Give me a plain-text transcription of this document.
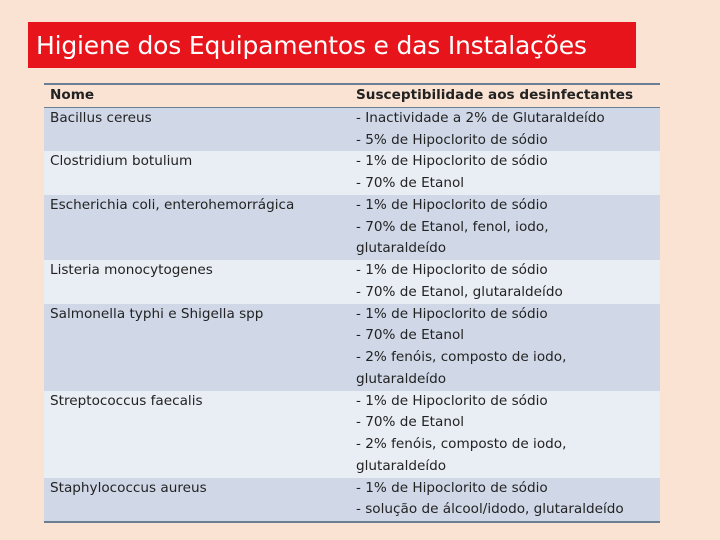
Higiene dos Equipamentos e das Instalações
Nome	Susceptibilidade aos desinfectantes
Bacillus cereus	- Inactividade a 2% de Glutaraldeído
- 5% de Hipoclorito de sódio
Clostridium botulium	- 1% de Hipoclorito de sódio
- 70% de Etanol
Escherichia coli, enterohemorrágica	- 1% de Hipoclorito de sódio
- 70% de Etanol, fenol, iodo,
glutaraldeído
Listeria monocytogenes	- 1% de Hipoclorito de sódio
- 70% de Etanol, glutaraldeído
Salmonella typhi e Shigella spp	- 1% de Hipoclorito de sódio
- 70% de Etanol
- 2% fenóis, composto de iodo,
glutaraldeído
Streptococcus faecalis	- 1% de Hipoclorito de sódio
- 70% de Etanol
- 2% fenóis, composto de iodo,
glutaraldeído
Staphylococcus aureus	- 1% de Hipoclorito de sódio
- solução de álcool/idodo, glutaraldeído
